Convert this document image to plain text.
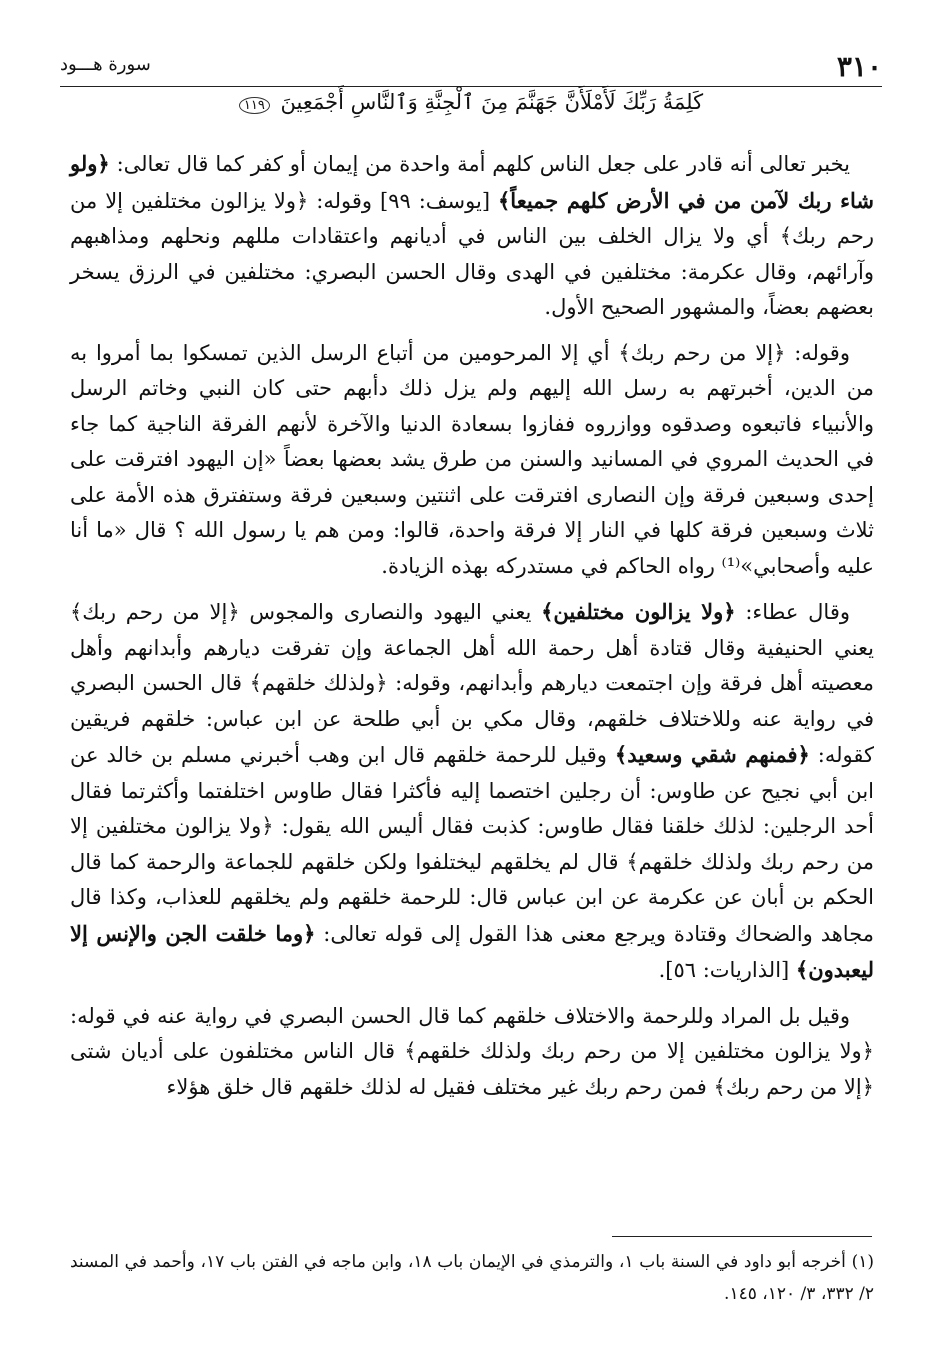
٣١٠
سورة هـــود
كَلِمَةُ رَبِّكَ لَأَمْلَأَنَّ جَهَنَّمَ مِنَ ٱلْجِنَّةِ وَٱلنَّاسِ أَجْمَعِينَ ١١٩

يخبر تعالى أنه قادر على جعل الناس كلهم أمة واحدة من إيمان أو كفر كما قال تعالى: ﴿ولو شاء ربك لآمن من في الأرض كلهم جميعاً﴾ [يوسف: ٩٩] وقوله: ﴿ولا يزالون مختلفين إلا من رحم ربك﴾ أي ولا يزال الخلف بين الناس في أديانهم واعتقادات مللهم ونحلهم ومذاهبهم وآرائهم، وقال عكرمة: مختلفين في الهدى وقال الحسن البصري: مختلفين في الرزق يسخر بعضهم بعضاً، والمشهور الصحيح الأول.

وقوله: ﴿إلا من رحم ربك﴾ أي إلا المرحومين من أتباع الرسل الذين تمسكوا بما أمروا به من الدين، أخبرتهم به رسل الله إليهم ولم يزل ذلك دأبهم حتى كان النبي وخاتم الرسل والأنبياء فاتبعوه وصدقوه ووازروه ففازوا بسعادة الدنيا والآخرة لأنهم الفرقة الناجية كما جاء في الحديث المروي في المسانيد والسنن من طرق يشد بعضها بعضاً «إن اليهود افترقت على إحدى وسبعين فرقة وإن النصارى افترقت على اثنتين وسبعين فرقة وستفترق هذه الأمة على ثلاث وسبعين فرقة كلها في النار إلا فرقة واحدة، قالوا: ومن هم يا رسول الله ؟ قال «ما أنا عليه وأصحابي»⁽¹⁾ رواه الحاكم في مستدركه بهذه الزيادة.

وقال عطاء: ﴿ولا يزالون مختلفين﴾ يعني اليهود والنصارى والمجوس ﴿إلا من رحم ربك﴾ يعني الحنيفية وقال قتادة أهل رحمة الله أهل الجماعة وإن تفرقت ديارهم وأبدانهم وأهل معصيته أهل فرقة وإن اجتمعت ديارهم وأبدانهم، وقوله: ﴿ولذلك خلقهم﴾ قال الحسن البصري في رواية عنه وللاختلاف خلقهم، وقال مكي بن أبي طلحة عن ابن عباس: خلقهم فريقين كقوله: ﴿فمنهم شقي وسعيد﴾ وقيل للرحمة خلقهم قال ابن وهب أخبرني مسلم بن خالد عن ابن أبي نجيح عن طاوس: أن رجلين اختصما إليه فأكثرا فقال طاوس اختلفتما وأكثرتما فقال أحد الرجلين: لذلك خلقنا فقال طاوس: كذبت فقال أليس الله يقول: ﴿ولا يزالون مختلفين إلا من رحم ربك ولذلك خلقهم﴾ قال لم يخلقهم ليختلفوا ولكن خلقهم للجماعة والرحمة كما قال الحكم بن أبان عن عكرمة عن ابن عباس قال: للرحمة خلقهم ولم يخلقهم للعذاب، وكذا قال مجاهد والضحاك وقتادة ويرجع معنى هذا القول إلى قوله تعالى: ﴿وما خلقت الجن والإنس إلا ليعبدون﴾ [الذاريات: ٥٦].

وقيل بل المراد وللرحمة والاختلاف خلقهم كما قال الحسن البصري في رواية عنه في قوله: ﴿ولا يزالون مختلفين إلا من رحم ربك ولذلك خلقهم﴾ قال الناس مختلفون على أديان شتى ﴿إلا من رحم ربك﴾ فمن رحم ربك غير مختلف فقيل له لذلك خلقهم قال خلق هؤلاء

(١) أخرجه أبو داود في السنة باب ١، والترمذي في الإيمان باب ١٨، وابن ماجه في الفتن باب ١٧، وأحمد في المسند ٢/ ٣٣٢، ٣/ ١٢٠، ١٤٥.
